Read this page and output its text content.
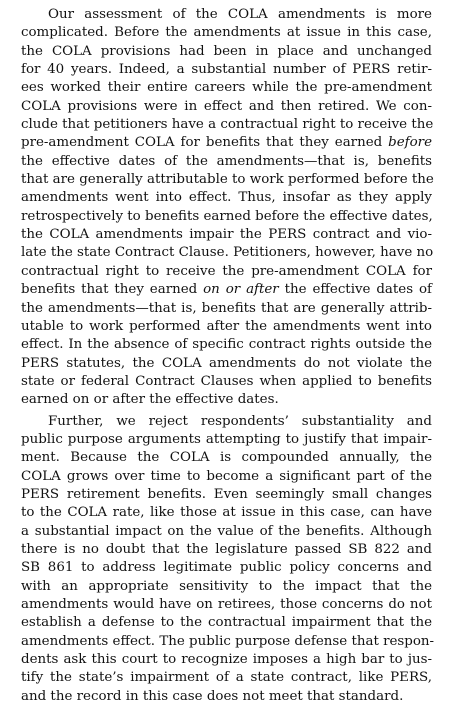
Our assessment of the COLA amendments is more
complicated. Before the amendments at issue in this case,
the COLA provisions had been in place and unchanged
for 40 years. Indeed, a substantial number of PERS retir-
ees worked their entire careers while the pre-amendment
COLA provisions were in effect and then retired. We con-
clude that petitioners have a contractual right to receive the
pre-amendment COLA for benefits that they earned before
the effective dates of the amendments—that is, benefits
that are generally attributable to work performed before the
amendments went into effect. Thus, insofar as they apply
retrospectively to benefits earned before the effective dates,
the COLA amendments impair the PERS contract and vio-
late the state Contract Clause. Petitioners, however, have no
contractual right to receive the pre-amendment COLA for
benefits that they earned on or after the effective dates of
the amendments—that is, benefits that are generally attrib-
utable to work performed after the amendments went into
effect. In the absence of specific contract rights outside the
PERS statutes, the COLA amendments do not violate the
state or federal Contract Clauses when applied to benefits
earned on or after the effective dates.
Further, we reject respondents’ substantiality and
public purpose arguments attempting to justify that impair-
ment. Because the COLA is compounded annually, the
COLA grows over time to become a significant part of the
PERS retirement benefits. Even seemingly small changes
to the COLA rate, like those at issue in this case, can have
a substantial impact on the value of the benefits. Although
there is no doubt that the legislature passed SB 822 and
SB 861 to address legitimate public policy concerns and
with an appropriate sensitivity to the impact that the
amendments would have on retirees, those concerns do not
establish a defense to the contractual impairment that the
amendments effect. The public purpose defense that respon-
dents ask this court to recognize imposes a high bar to jus-
tify the state’s impairment of a state contract, like PERS,
and the record in this case does not meet that standard.
